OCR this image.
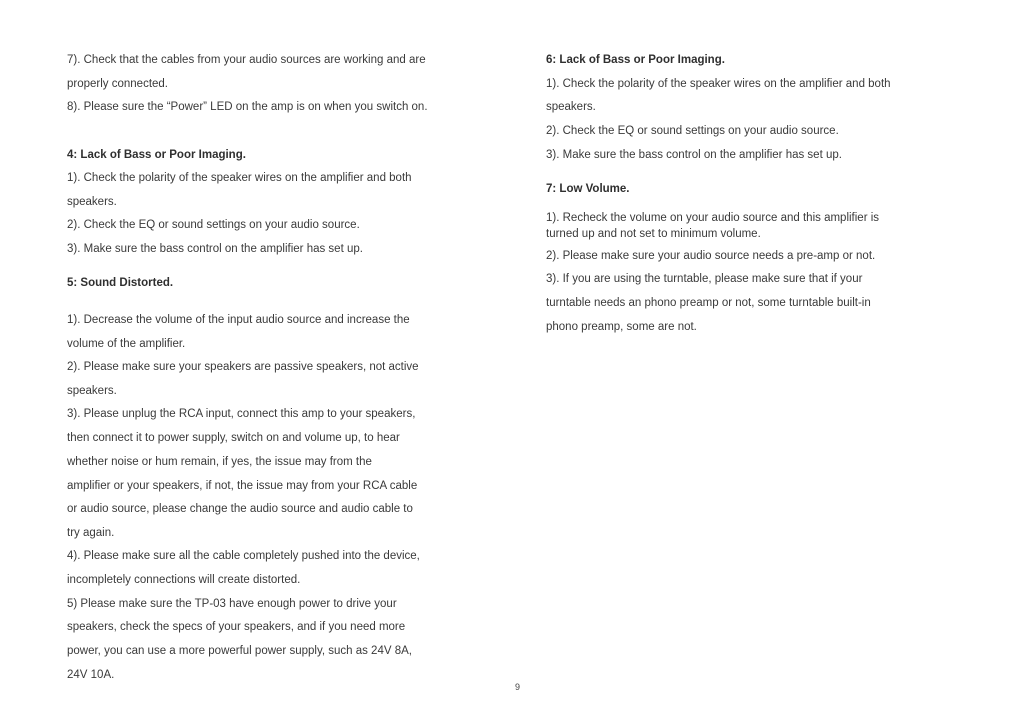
7). Check that the cables from your audio sources are working and are
properly connected.
8). Please sure the “Power” LED on the amp is on when you switch on.
4: Lack of Bass or Poor Imaging.
1). Check the polarity of the speaker wires on the amplifier and both
speakers.
2). Check the EQ or sound settings on your audio source.
3). Make sure the bass control on the amplifier has set up.
5: Sound Distorted.
1). Decrease the volume of the input audio source and increase the
volume of the amplifier.
2). Please make sure your speakers are passive speakers, not active
speakers.
3). Please unplug the RCA input, connect this amp to your speakers,
then connect it to power supply, switch on and volume up, to hear
whether noise or hum remain, if yes, the issue may from the
amplifier or your speakers, if not, the issue may from your RCA cable
or audio source, please change the audio source and audio cable to
try again.
4). Please make sure all the cable completely pushed into the device,
incompletely connections will create distorted.
5) Please make sure the TP-03 have enough power to drive your
speakers, check the specs of your speakers, and if you need more
power, you can use a more powerful power supply, such as 24V 8A,
24V 10A.
6: Lack of Bass or Poor Imaging.
1). Check the polarity of the speaker wires on the amplifier and both
speakers.
2). Check the EQ or sound settings on your audio source.
3). Make sure the bass control on the amplifier has set up.
7: Low Volume.
1). Recheck the volume on your audio source and this amplifier is
turned up and not set to minimum volume.
2). Please make sure your audio source needs a pre-amp or not.
3). If you are using the turntable, please make sure that if your
turntable needs an phono preamp or not, some turntable built-in
phono preamp, some are not.
9
